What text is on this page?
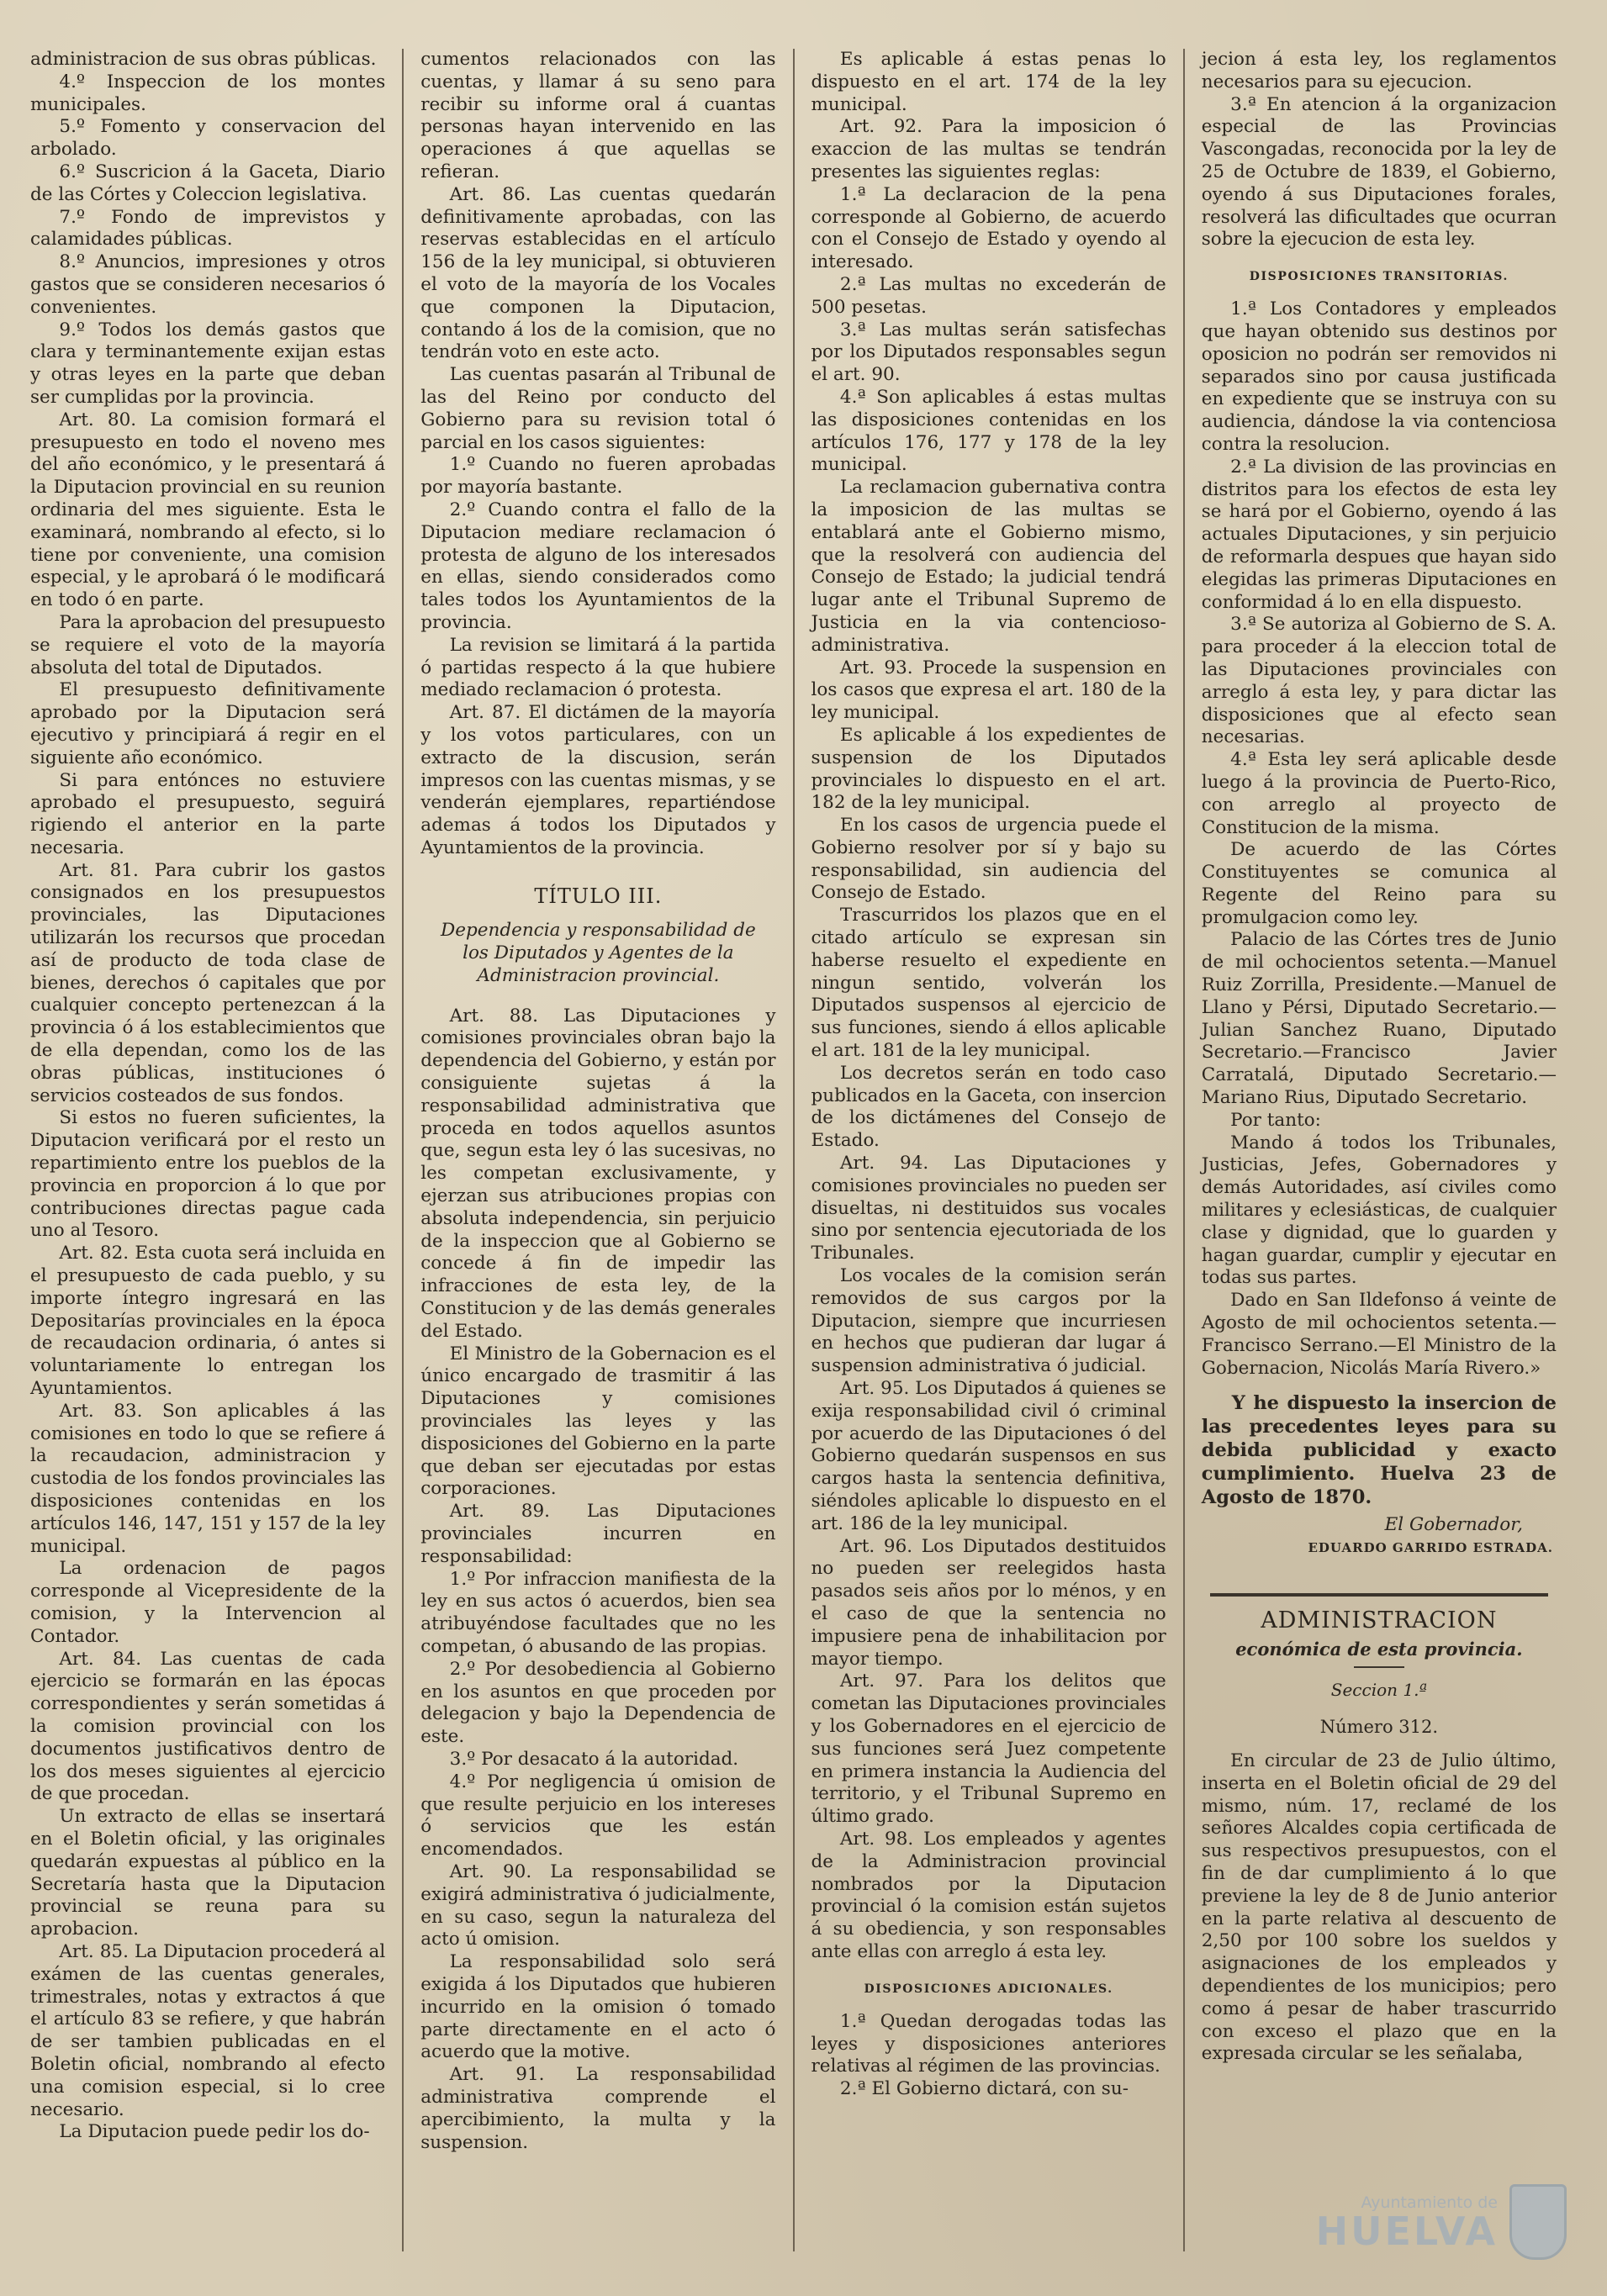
administracion de sus obras públicas.

4.º Inspeccion de los montes municipales.

5.º Fomento y conservacion del arbolado.

6.º Suscricion á la Gaceta, Diario de las Córtes y Coleccion legislativa.

7.º Fondo de imprevistos y calamidades públicas.

8.º Anuncios, impresiones y otros gastos que se consideren necesarios ó convenientes.

9.º Todos los demás gastos que clara y terminantemente exijan estas y otras leyes en la parte que deban ser cumplidas por la provincia.

Art. 80. La comision formará el presupuesto en todo el noveno mes del año económico, y le presentará á la Diputacion provincial en su reunion ordinaria del mes siguiente. Esta le examinará, nombrando al efecto, si lo tiene por conveniente, una comision especial, y le aprobará ó le modificará en todo ó en parte.

Para la aprobacion del presupuesto se requiere el voto de la mayoría absoluta del total de Diputados.

El presupuesto definitivamente aprobado por la Diputacion será ejecutivo y principiará á regir en el siguiente año económico.

Si para entónces no estuviere aprobado el presupuesto, seguirá rigiendo el anterior en la parte necesaria.

Art. 81. Para cubrir los gastos consignados en los presupuestos provinciales, las Diputaciones utilizarán los recursos que procedan así de producto de toda clase de bienes, derechos ó capitales que por cualquier concepto pertenezcan á la provincia ó á los establecimientos que de ella dependan, como los de las obras públicas, instituciones ó servicios costeados de sus fondos.

Si estos no fueren suficientes, la Diputacion verificará por el resto un repartimiento entre los pueblos de la provincia en proporcion á lo que por contribuciones directas pague cada uno al Tesoro.

Art. 82. Esta cuota será incluida en el presupuesto de cada pueblo, y su importe íntegro ingresará en las Depositarías provinciales en la época de recaudacion ordinaria, ó antes si voluntariamente lo entregan los Ayuntamientos.

Art. 83. Son aplicables á las comisiones en todo lo que se refiere á la recaudacion, administracion y custodia de los fondos provinciales las disposiciones contenidas en los artículos 146, 147, 151 y 157 de la ley municipal.

La ordenacion de pagos corresponde al Vicepresidente de la comision, y la Intervencion al Contador.

Art. 84. Las cuentas de cada ejercicio se formarán en las épocas correspondientes y serán sometidas á la comision provincial con los documentos justificativos dentro de los dos meses siguientes al ejercicio de que procedan.

Un extracto de ellas se insertará en el Boletin oficial, y las originales quedarán expuestas al público en la Secretaría hasta que la Diputacion provincial se reuna para su aprobacion.

Art. 85. La Diputacion procederá al exámen de las cuentas generales, trimestrales, notas y extractos á que el artículo 83 se refiere, y que habrán de ser tambien publicadas en el Boletin oficial, nombrando al efecto una comision especial, si lo cree necesario.

La Diputacion puede pedir los do-

cumentos relacionados con las cuentas, y llamar á su seno para recibir su informe oral á cuantas personas hayan intervenido en las operaciones á que aquellas se refieran.

Art. 86. Las cuentas quedarán definitivamente aprobadas, con las reservas establecidas en el artículo 156 de la ley municipal, si obtuvieren el voto de la mayoría de los Vocales que componen la Diputacion, contando á los de la comision, que no tendrán voto en este acto.

Las cuentas pasarán al Tribunal de las del Reino por conducto del Gobierno para su revision total ó parcial en los casos siguientes:

1.º Cuando no fueren aprobadas por mayoría bastante.

2.º Cuando contra el fallo de la Diputacion mediare reclamacion ó protesta de alguno de los interesados en ellas, siendo considerados como tales todos los Ayuntamientos de la provincia.

La revision se limitará á la partida ó partidas respecto á la que hubiere mediado reclamacion ó protesta.

Art. 87. El dictámen de la mayoría y los votos particulares, con un extracto de la discusion, serán impresos con las cuentas mismas, y se venderán ejemplares, repartiéndose ademas á todos los Diputados y Ayuntamientos de la provincia.

TÍTULO III.
Dependencia y responsabilidad de los Diputados y Agentes de la Administracion provincial.

Art. 88. Las Diputaciones y comisiones provinciales obran bajo la dependencia del Gobierno, y están por consiguiente sujetas á la responsabilidad administrativa que proceda en todos aquellos asuntos que, segun esta ley ó las sucesivas, no les competan exclusivamente, y ejerzan sus atribuciones propias con absoluta independencia, sin perjuicio de la inspeccion que al Gobierno se concede á fin de impedir las infracciones de esta ley, de la Constitucion y de las demás generales del Estado.

El Ministro de la Gobernacion es el único encargado de trasmitir á las Diputaciones y comisiones provinciales las leyes y las disposiciones del Gobierno en la parte que deban ser ejecutadas por estas corporaciones.

Art. 89. Las Diputaciones provinciales incurren en responsabilidad:

1.º Por infraccion manifiesta de la ley en sus actos ó acuerdos, bien sea atribuyéndose facultades que no les competan, ó abusando de las propias.

2.º Por desobediencia al Gobierno en los asuntos en que proceden por delegacion y bajo la Dependencia de este.

3.º Por desacato á la autoridad.

4.º Por negligencia ú omision de que resulte perjuicio en los intereses ó servicios que les están encomendados.

Art. 90. La responsabilidad se exigirá administrativa ó judicialmente, en su caso, segun la naturaleza del acto ú omision.

La responsabilidad solo será exigida á los Diputados que hubieren incurrido en la omision ó tomado parte directamente en el acto ó acuerdo que la motive.

Art. 91. La responsabilidad administrativa comprende el apercibimiento, la multa y la suspension.

Es aplicable á estas penas lo dispuesto en el art. 174 de la ley municipal.

Art. 92. Para la imposicion ó exaccion de las multas se tendrán presentes las siguientes reglas:

1.ª La declaracion de la pena corresponde al Gobierno, de acuerdo con el Consejo de Estado y oyendo al interesado.

2.ª Las multas no excederán de 500 pesetas.

3.ª Las multas serán satisfechas por los Diputados responsables segun el art. 90.

4.ª Son aplicables á estas multas las disposiciones contenidas en los artículos 176, 177 y 178 de la ley municipal.

La reclamacion gubernativa contra la imposicion de las multas se entablará ante el Gobierno mismo, que la resolverá con audiencia del Consejo de Estado; la judicial tendrá lugar ante el Tribunal Supremo de Justicia en la via contencioso-administrativa.

Art. 93. Procede la suspension en los casos que expresa el art. 180 de la ley municipal.

Es aplicable á los expedientes de suspension de los Diputados provinciales lo dispuesto en el art. 182 de la ley municipal.

En los casos de urgencia puede el Gobierno resolver por sí y bajo su responsabilidad, sin audiencia del Consejo de Estado.

Trascurridos los plazos que en el citado artículo se expresan sin haberse resuelto el expediente en ningun sentido, volverán los Diputados suspensos al ejercicio de sus funciones, siendo á ellos aplicable el art. 181 de la ley municipal.

Los decretos serán en todo caso publicados en la Gaceta, con insercion de los dictámenes del Consejo de Estado.

Art. 94. Las Diputaciones y comisiones provinciales no pueden ser disueltas, ni destituidos sus vocales sino por sentencia ejecutoriada de los Tribunales.

Los vocales de la comision serán removidos de sus cargos por la Diputacion, siempre que incurriesen en hechos que pudieran dar lugar á suspension administrativa ó judicial.

Art. 95. Los Diputados á quienes se exija responsabilidad civil ó criminal por acuerdo de las Diputaciones ó del Gobierno quedarán suspensos en sus cargos hasta la sentencia definitiva, siéndoles aplicable lo dispuesto en el art. 186 de la ley municipal.

Art. 96. Los Diputados destituidos no pueden ser reelegidos hasta pasados seis años por lo ménos, y en el caso de que la sentencia no impusiere pena de inhabilitacion por mayor tiempo.

Art. 97. Para los delitos que cometan las Diputaciones provinciales y los Gobernadores en el ejercicio de sus funciones será Juez competente en primera instancia la Audiencia del territorio, y el Tribunal Supremo en último grado.

Art. 98. Los empleados y agentes de la Administracion provincial nombrados por la Diputacion provincial ó la comision están sujetos á su obediencia, y son responsables ante ellas con arreglo á esta ley.

DISPOSICIONES ADICIONALES.

1.ª Quedan derogadas todas las leyes y disposiciones anteriores relativas al régimen de las provincias.

2.ª El Gobierno dictará, con su-

jecion á esta ley, los reglamentos necesarios para su ejecucion.

3.ª En atencion á la organizacion especial de las Provincias Vascongadas, reconocida por la ley de 25 de Octubre de 1839, el Gobierno, oyendo á sus Diputaciones forales, resolverá las dificultades que ocurran sobre la ejecucion de esta ley.

DISPOSICIONES TRANSITORIAS.

1.ª Los Contadores y empleados que hayan obtenido sus destinos por oposicion no podrán ser removidos ni separados sino por causa justificada en expediente que se instruya con su audiencia, dándose la via contenciosa contra la resolucion.

2.ª La division de las provincias en distritos para los efectos de esta ley se hará por el Gobierno, oyendo á las actuales Diputaciones, y sin perjuicio de reformarla despues que hayan sido elegidas las primeras Diputaciones en conformidad á lo en ella dispuesto.

3.ª Se autoriza al Gobierno de S. A. para proceder á la eleccion total de las Diputaciones provinciales con arreglo á esta ley, y para dictar las disposiciones que al efecto sean necesarias.

4.ª Esta ley será aplicable desde luego á la provincia de Puerto-Rico, con arreglo al proyecto de Constitucion de la misma.

De acuerdo de las Córtes Constituyentes se comunica al Regente del Reino para su promulgacion como ley.

Palacio de las Córtes tres de Junio de mil ochocientos setenta.—Manuel Ruiz Zorrilla, Presidente.—Manuel de Llano y Pérsi, Diputado Secretario.—Julian Sanchez Ruano, Diputado Secretario.—Francisco Javier Carratalá, Diputado Secretario.—Mariano Rius, Diputado Secretario.

Por tanto:

Mando á todos los Tribunales, Justicias, Jefes, Gobernadores y demás Autoridades, así civiles como militares y eclesiásticas, de cualquier clase y dignidad, que lo guarden y hagan guardar, cumplir y ejecutar en todas sus partes.

Dado en San Ildefonso á veinte de Agosto de mil ochocientos setenta.—Francisco Serrano.—El Ministro de la Gobernacion, Nicolás María Rivero.»

Y he dispuesto la insercion de las precedentes leyes para su debida publicidad y exacto cumplimiento. Huelva 23 de Agosto de 1870.

El Gobernador,

EDUARDO GARRIDO ESTRADA.

ADMINISTRACION
económica de esta provincia.
Seccion 1.ª
Número 312.

En circular de 23 de Julio último, inserta en el Boletin oficial de 29 del mismo, núm. 17, reclamé de los señores Alcaldes copia certificada de sus respectivos presupuestos, con el fin de dar cumplimiento á lo que previene la ley de 8 de Junio anterior en la parte relativa al descuento de 2,50 por 100 sobre los sueldos y asignaciones de los empleados y dependientes de los municipios; pero como á pesar de haber trascurrido con exceso el plazo que en la expresada circular se les señalaba,

Ayuntamiento de
HUELVA
